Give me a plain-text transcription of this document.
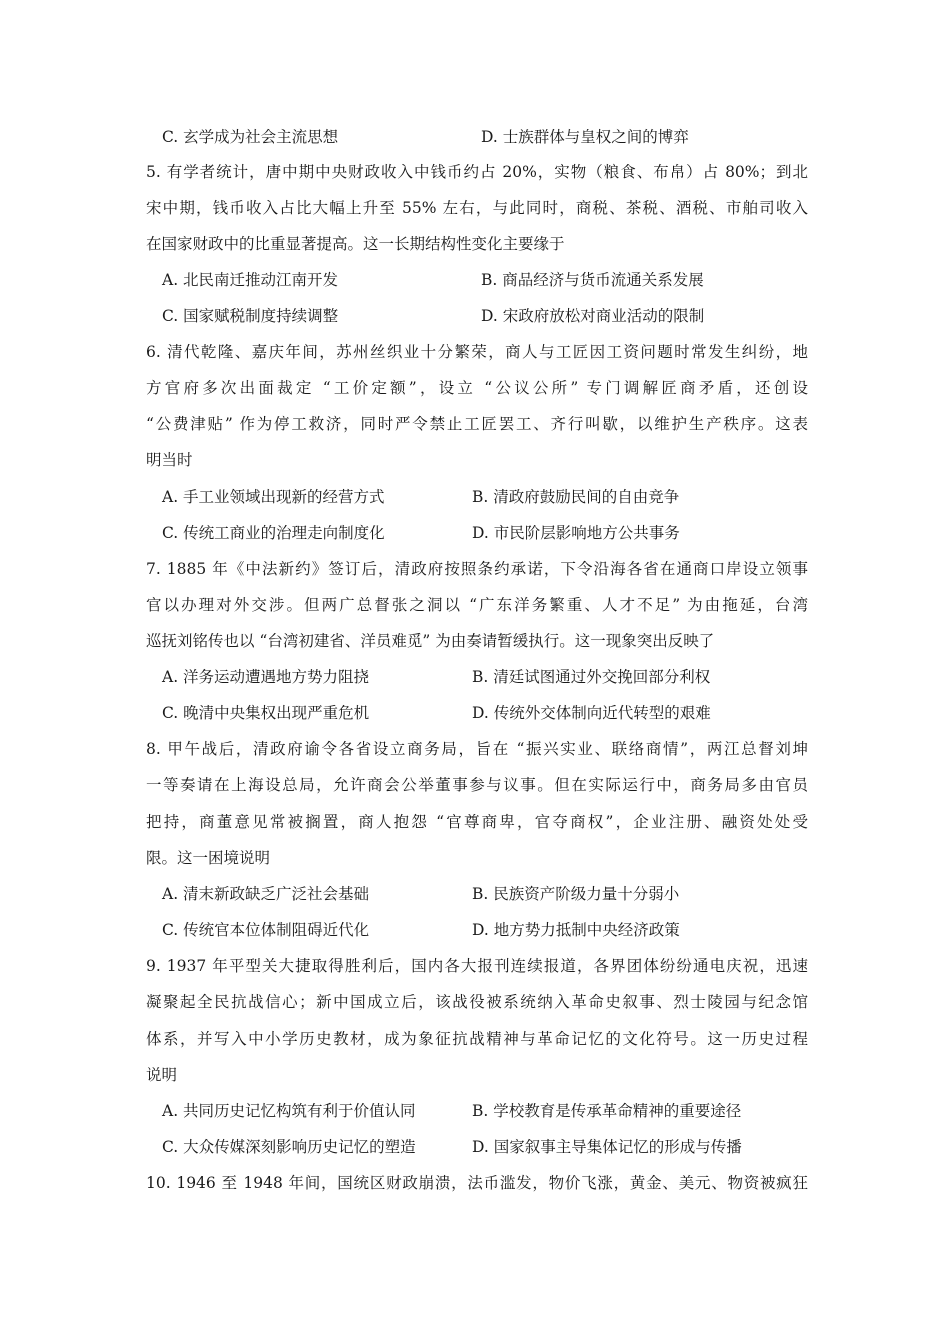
C. 玄学成为社会主流思想	D. 士族群体与皇权之间的博弈
5. 有学者统计，唐中期中央财政收入中钱币约占 20%，实物（粮食、布帛）占 80%；到北
宋中期，钱币收入占比大幅上升至 55% 左右，与此同时，商税、茶税、酒税、市舶司收入
在国家财政中的比重显著提高。这一长期结构性变化主要缘于
A. 北民南迁推动江南开发	B. 商品经济与货币流通关系发展
C. 国家赋税制度持续调整	D. 宋政府放松对商业活动的限制
6. 清代乾隆、嘉庆年间，苏州丝织业十分繁荣，商人与工匠因工资问题时常发生纠纷，地
方官府多次出面裁定 “工价定额”，设立 “公议公所” 专门调解匠商矛盾，还创设
“公费津贴” 作为停工救济，同时严令禁止工匠罢工、齐行叫歇，以维护生产秩序。这表
明当时
A. 手工业领域出现新的经营方式	B. 清政府鼓励民间的自由竞争
C. 传统工商业的治理走向制度化	D. 市民阶层影响地方公共事务
7. 1885 年《中法新约》签订后，清政府按照条约承诺，下令沿海各省在通商口岸设立领事
官以办理对外交涉。但两广总督张之洞以 “广东洋务繁重、人才不足” 为由拖延，台湾
巡抚刘铭传也以 “台湾初建省、洋员难觅” 为由奏请暂缓执行。这一现象突出反映了
A. 洋务运动遭遇地方势力阻挠	B. 清廷试图通过外交挽回部分利权
C. 晚清中央集权出现严重危机	D. 传统外交体制向近代转型的艰难
8. 甲午战后，清政府谕令各省设立商务局，旨在 “振兴实业、联络商情”，两江总督刘坤
一等奏请在上海设总局，允许商会公举董事参与议事。但在实际运行中，商务局多由官员
把持，商董意见常被搁置，商人抱怨 “官尊商卑，官夺商权”，企业注册、融资处处受
限。这一困境说明
A. 清末新政缺乏广泛社会基础	B. 民族资产阶级力量十分弱小
C. 传统官本位体制阻碍近代化	D. 地方势力抵制中央经济政策
9. 1937 年平型关大捷取得胜利后，国内各大报刊连续报道，各界团体纷纷通电庆祝，迅速
凝聚起全民抗战信心；新中国成立后，该战役被系统纳入革命史叙事、烈士陵园与纪念馆
体系，并写入中小学历史教材，成为象征抗战精神与革命记忆的文化符号。这一历史过程
说明
A. 共同历史记忆构筑有利于价值认同	B. 学校教育是传承革命精神的重要途径
C. 大众传媒深刻影响历史记忆的塑造	D. 国家叙事主导集体记忆的形成与传播
10. 1946 至 1948 年间，国统区财政崩溃，法币滥发，物价飞涨，黄金、美元、物资被疯狂
